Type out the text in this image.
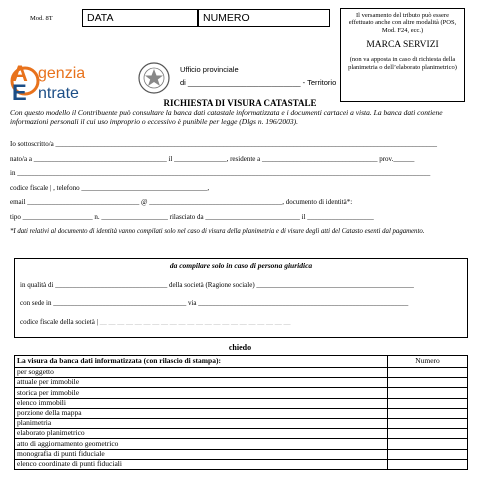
Mod. 8T	DATA	NUMERO	Il versamento del tributo può essere effettuato anche con altre modalità (POS, Mod. F24, ecc.)
MARCA SERVIZI
(non va apposta in caso di richiesta della planimetria o dell’elaborato planimetrico)
A
E
genzia
ntrate
Ufficio provinciale
di ___________________________ - Territorio
RICHIESTA DI VISURA CATASTALE
Con questo modello il Contribuente può consultare la banca dati catastale informatizzata e i documenti cartacei a vista. La banca dati contiene informazioni personali il cui uso improprio o eccessivo è punibile per legge (Dlgs n. 196/2003).
Io sottoscritto/a _____________________________________________________________________________________________________________
nato/a a ______________________________________ il _______________, residente a _________________________________ prov.______
in ______________________________________________________________________________________________________________________
codice fiscale | , telefono ____________________________________,
email ________________________________ @ ______________________________________, documento di identità*:
tipo ____________________ n. ___________________ rilasciato da ___________________________ il ___________________
*I dati relativi al documento di identità vanno compilati solo nel caso di visura della planimetria e di visure degli atti del Catasto esenti dal pagamento.
da compilare solo in caso di persona giuridica
in qualità di ________________________________ della società (Ragione sociale) _____________________________________________
con sede in ______________________________________ via ____________________________________________________________
codice fiscale della società | __ __ __ __ __ __ __ __ __ __ __ __ __ __ __ __ __ __ __ __ __ __
chiedo
La visura da banca dati informatizzata (con rilascio di stampa):	Numero
per soggetto	
attuale per immobile	
storica per immobile	
elenco immobili	
porzione della mappa	
planimetria	
elaborato planimetrico	
atto di aggiornamento geometrico	
monografia di punti fiduciale	
elenco coordinate di punti fiduciali	
